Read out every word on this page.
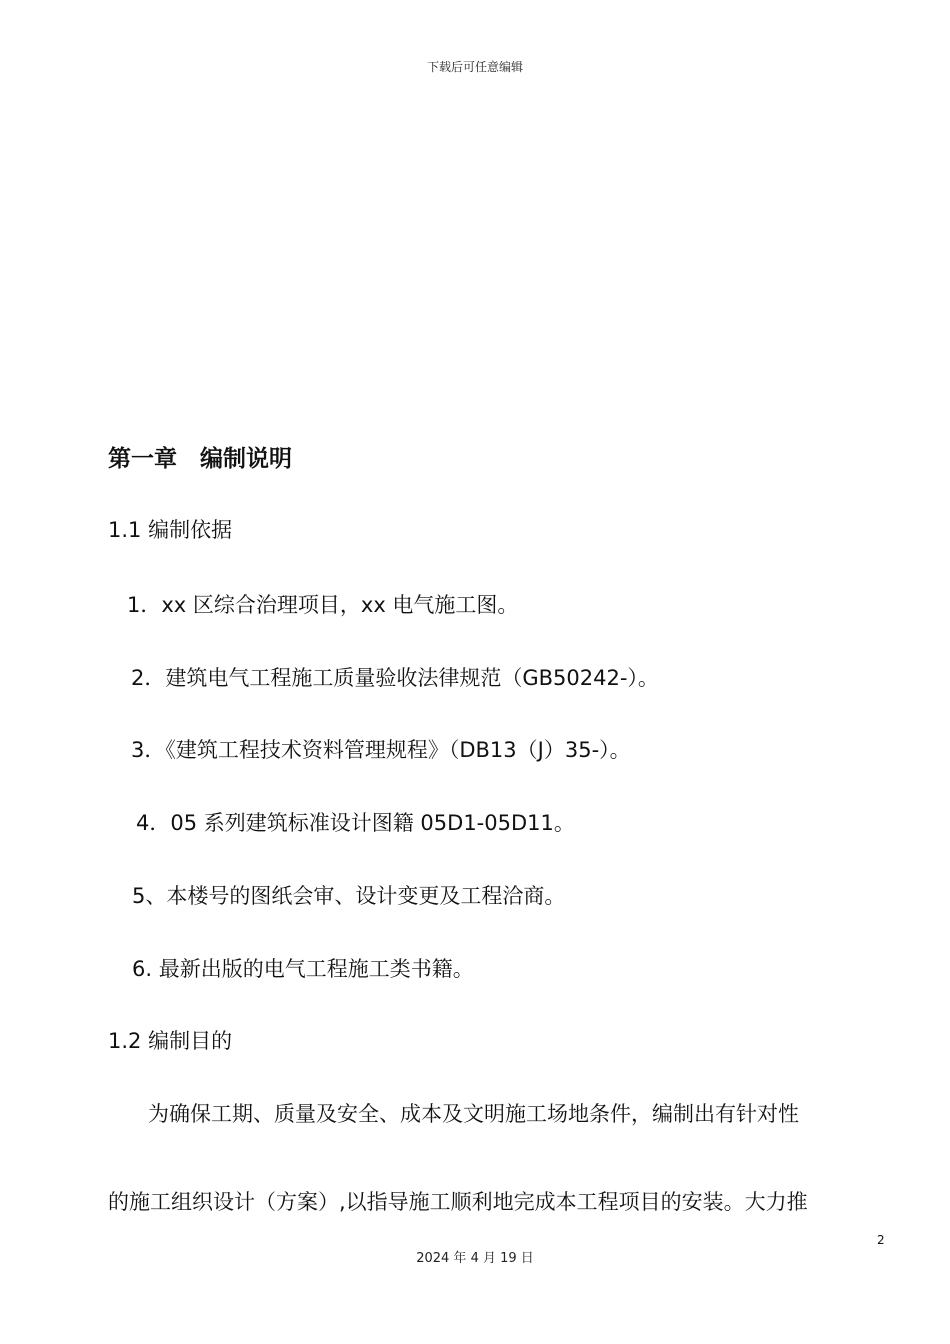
下载后可任意编辑
第一章　编制说明
1.1 编制依据
1．xx 区综合治理项目，xx 电气施工图。
2．建筑电气工程施工质量验收法律规范（GB50242-）。
3．《建筑工程技术资料管理规程》（DB13（J）35-）。
4．05 系列建筑标准设计图籍 05D1-05D11。
5、本楼号的图纸会审、设计变更及工程洽商。
6. 最新出版的电气工程施工类书籍。
1.2 编制目的
为确保工期、质量及安全、成本及文明施工场地条件，编制出有针对性
的施工组织设计（方案）,以指导施工顺利地完成本工程项目的安装。大力推
2
2024 年 4 月 19 日
